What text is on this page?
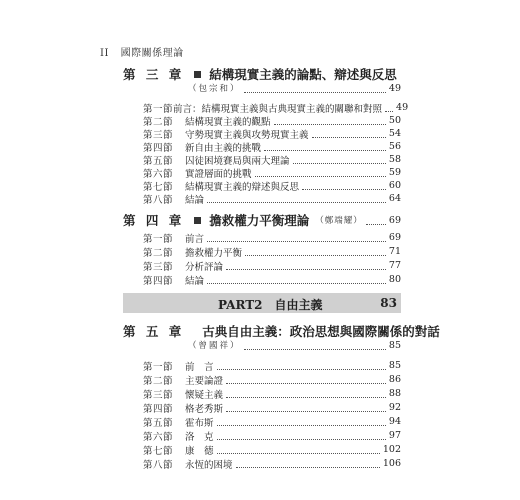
II 國際關係理論
第 三 章 結構現實主義的論點、辯述與反思
（包宗和）	49
第一節 前言：結構現實主義與古典現實主義的關聯和對照 49
第二節	結構現實主義的觀點	50
第三節	守勢現實主義與攻勢現實主義	54
第四節	新自由主義的挑戰	56
第五節	囚徒困境賽局與兩大理論	58
第六節	實證層面的挑戰	59
第七節	結構現實主義的辯述與反思	60
第八節	結論	64
第 四 章 擔救權力平衡理論 （鄭端耀）	69
第一節	前言	69
第二節	擔救權力平衡	71
第三節	分析評論	77
第四節	結論	80
PART2　自由主義	83
第 五 章 古典自由主義：政治思想與國際關係的對話
（曾國祥）	85
第一節	前　言	85
第二節	主要論證	86
第三節	懷疑主義	88
第四節	格老秀斯	92
第五節	霍布斯	94
第六節	洛　克	97
第七節	康　德	102
第八節	永恆的困境	106
